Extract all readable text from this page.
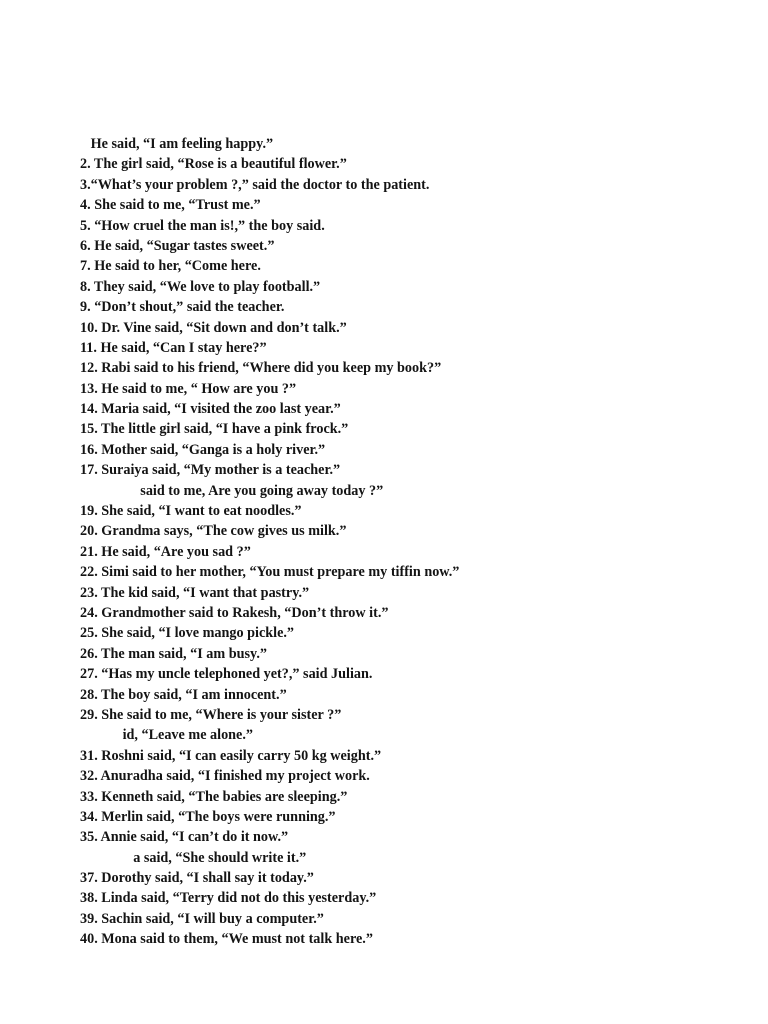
He said, “I am feeling happy.”
2. The girl said, “Rose is a beautiful flower.”
3.“What’s your problem ?,” said the doctor to the patient.
4. She said to me, “Trust me.”
5. “How cruel the man is!,” the boy said.
6. He said, “Sugar tastes sweet.”
7. He said to her, “Come here.
8. They said, “We love to play football.”
9. “Don’t shout,” said the teacher.
10. Dr. Vine said, “Sit down and don’t talk.”
11. He said, “Can I stay here?”
12. Rabi said to his friend, “Where did you keep my book?”
13. He said to me, “ How are you ?”
14. Maria said, “I visited the zoo last year.”
15. The little girl said, “I have a pink frock.”
16. Mother said, “Ganga is a holy river.”
17. Suraiya said, “My mother is a teacher.”
said to me, Are you going away today ?”
19. She said, “I want to eat noodles.”
20. Grandma says, “The cow gives us milk.”
21. He said, “Are you sad ?”
22. Simi said to her mother, “You must prepare my tiffin now.”
23. The kid said, “I want that pastry.”
24. Grandmother said to Rakesh, “Don’t throw it.”
25. She said, “I love mango pickle.”
26. The man said, “I am busy.”
27. “Has my uncle telephoned yet?,” said Julian.
28. The boy said, “I am innocent.”
29. She said to me, “Where is your sister ?”
id, “Leave me alone.”
31. Roshni said, “I can easily carry 50 kg weight.”
32. Anuradha said, “I finished my project work.
33. Kenneth said, “The babies are sleeping.”
34. Merlin said, “The boys were running.”
35. Annie said, “I can’t do it now.”
a said, “She should write it.”
37. Dorothy said, “I shall say it today.”
38. Linda said, “Terry did not do this yesterday.”
39. Sachin said, “I will buy a computer.”
40. Mona said to them, “We must not talk here.”
